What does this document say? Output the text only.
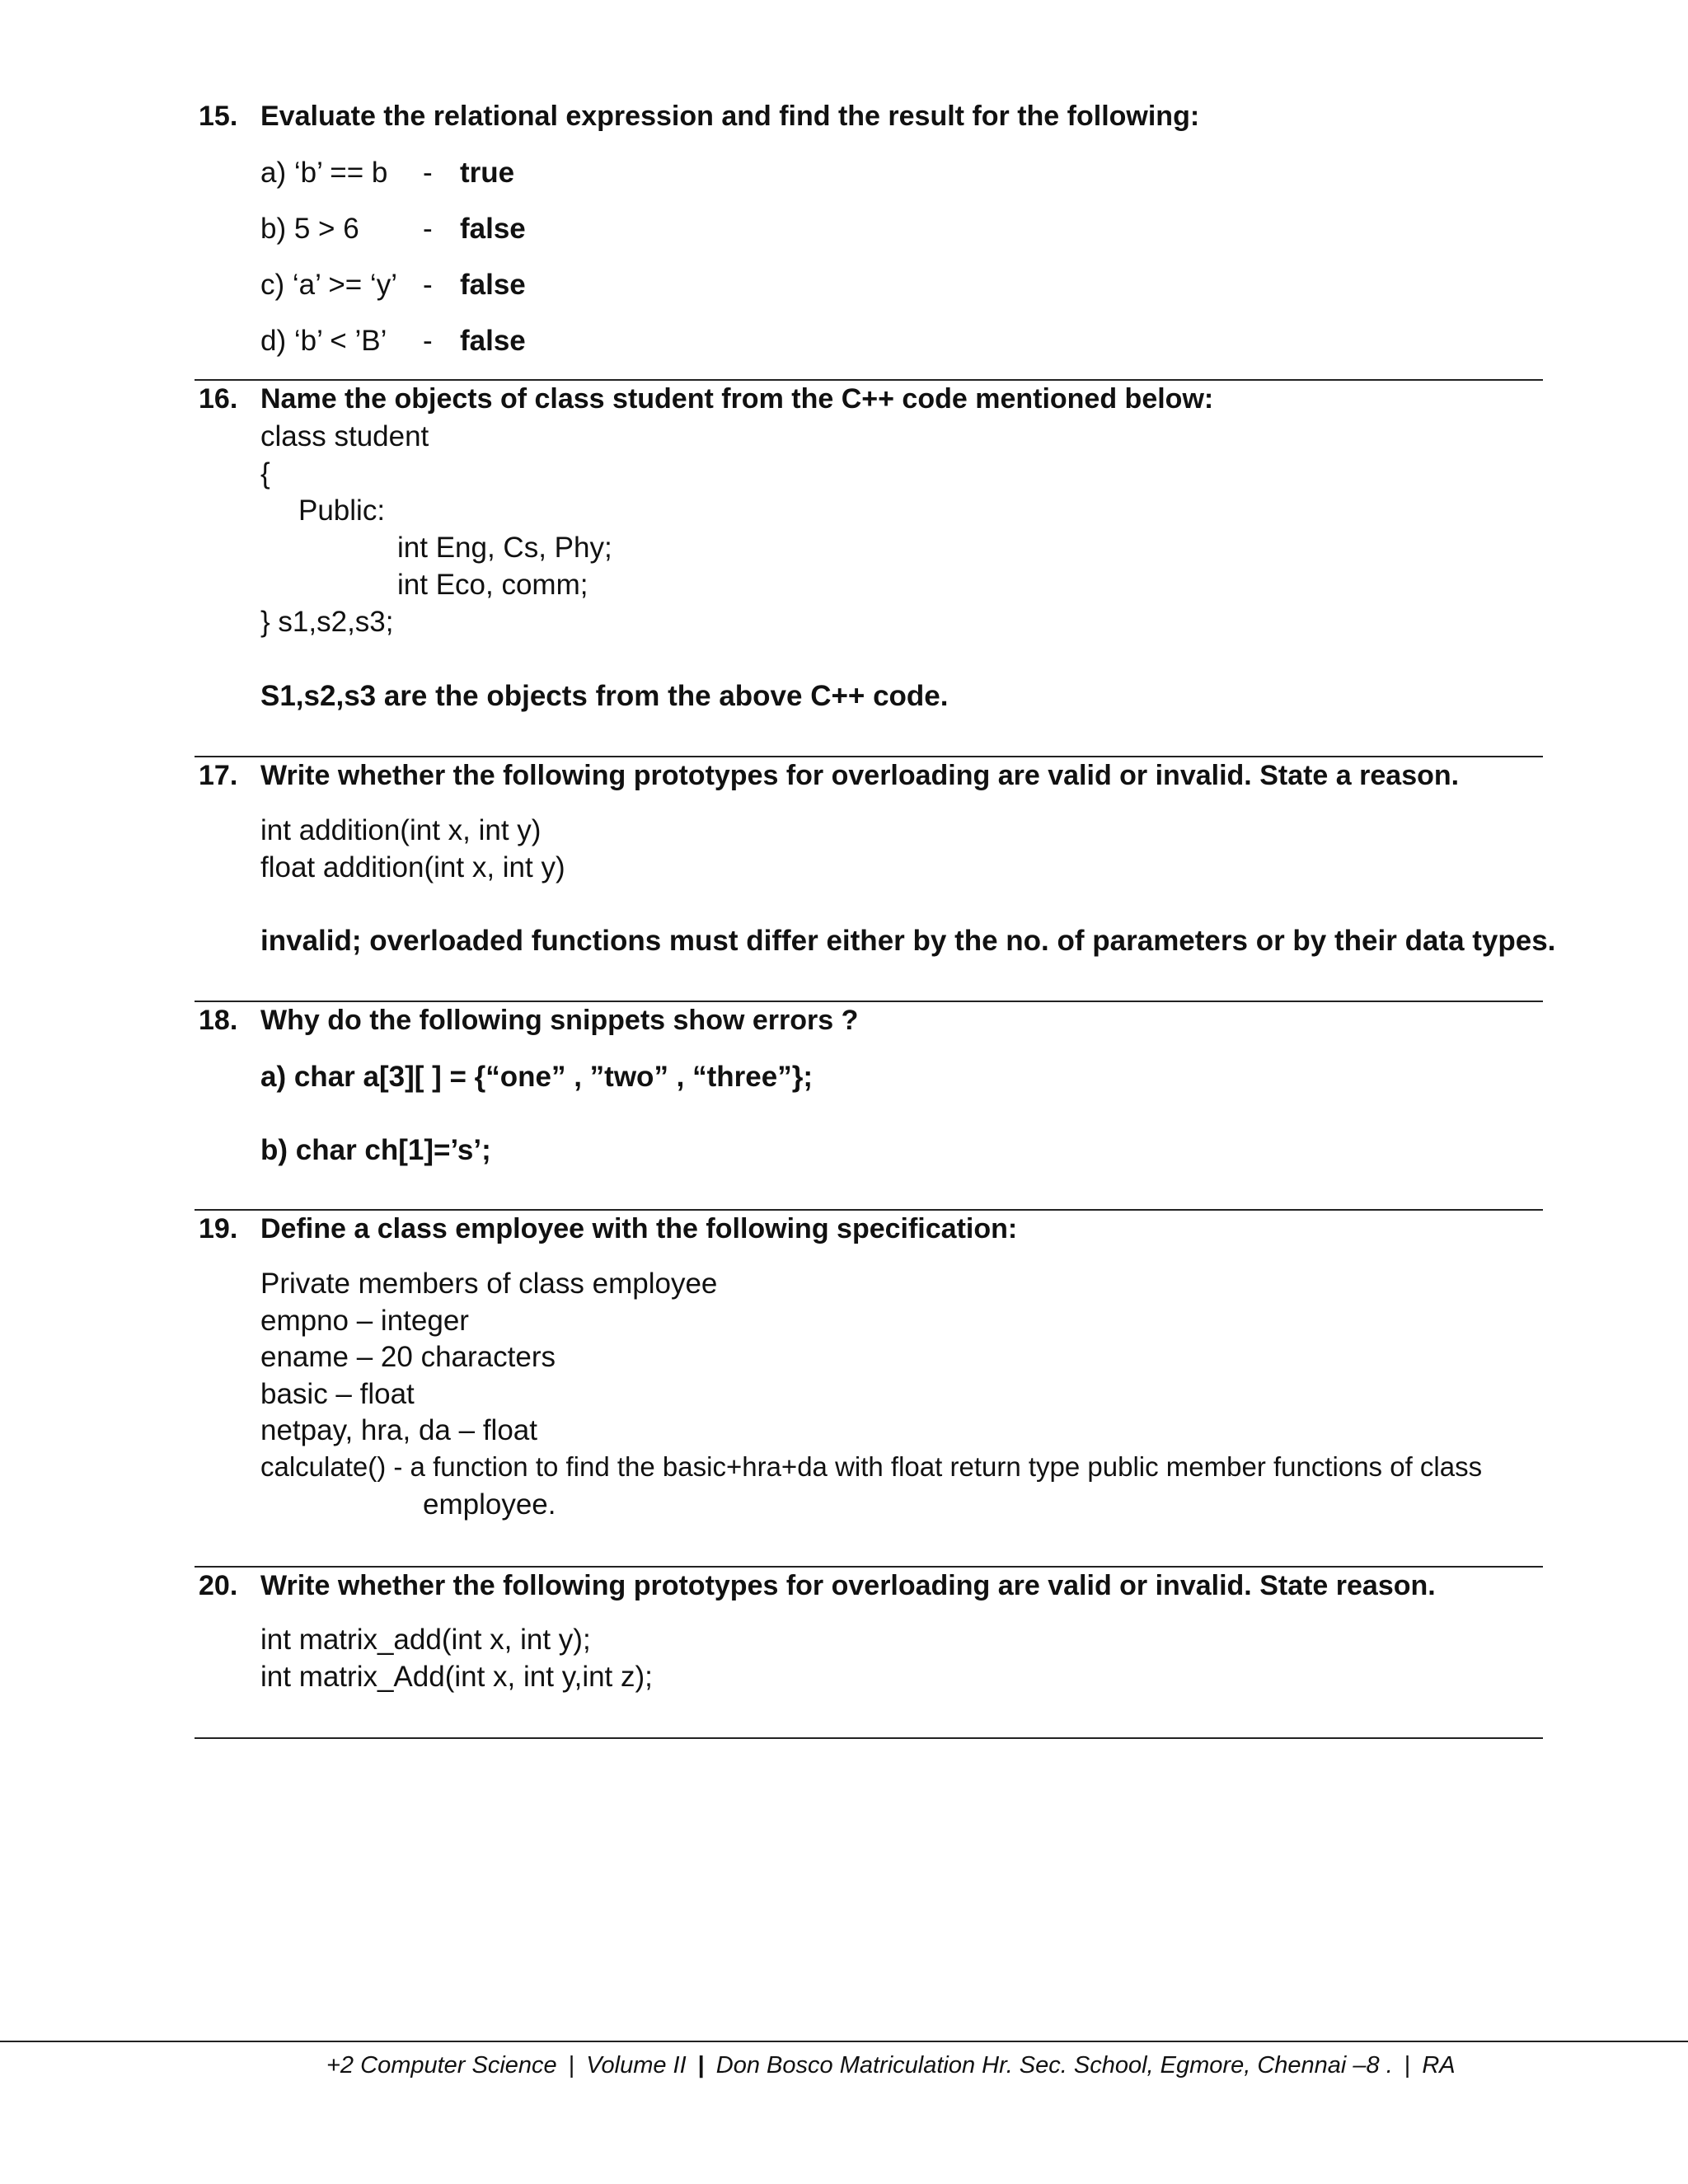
15. Evaluate the relational expression and find the result for the following:
a) ‘b’ == b - true
b) 5 > 6 - false
c) ‘a’ >= ‘y’ - false
d) ‘b’ < ’B’ - false
16. Name the objects of class student from the C++ code mentioned below:
class student
{
Public:
int Eng, Cs, Phy;
int Eco, comm;
} s1,s2,s3;
S1,s2,s3 are the objects from the above C++ code.
17. Write whether the following prototypes for overloading are valid or invalid. State a reason.
int addition(int x, int y)
float addition(int x, int y)
invalid; overloaded functions must differ either by the no. of parameters or by their data types.
18. Why do the following snippets show errors ?
a) char a[3][ ] = {“one” , ”two” , “three”};
b) char ch[1]=’s’;
19. Define a class employee with the following specification:
Private members of class employee
empno – integer
ename – 20 characters
basic – float
netpay, hra, da – float
calculate() - a function to find the basic+hra+da with float return type public member functions of class
employee.
20. Write whether the following prototypes for overloading are valid or invalid. State reason.
int matrix_add(int x, int y);
int matrix_Add(int x, int y,int z);
+2 Computer Science | Volume II | Don Bosco Matriculation Hr. Sec. School, Egmore, Chennai –8 . | RA
